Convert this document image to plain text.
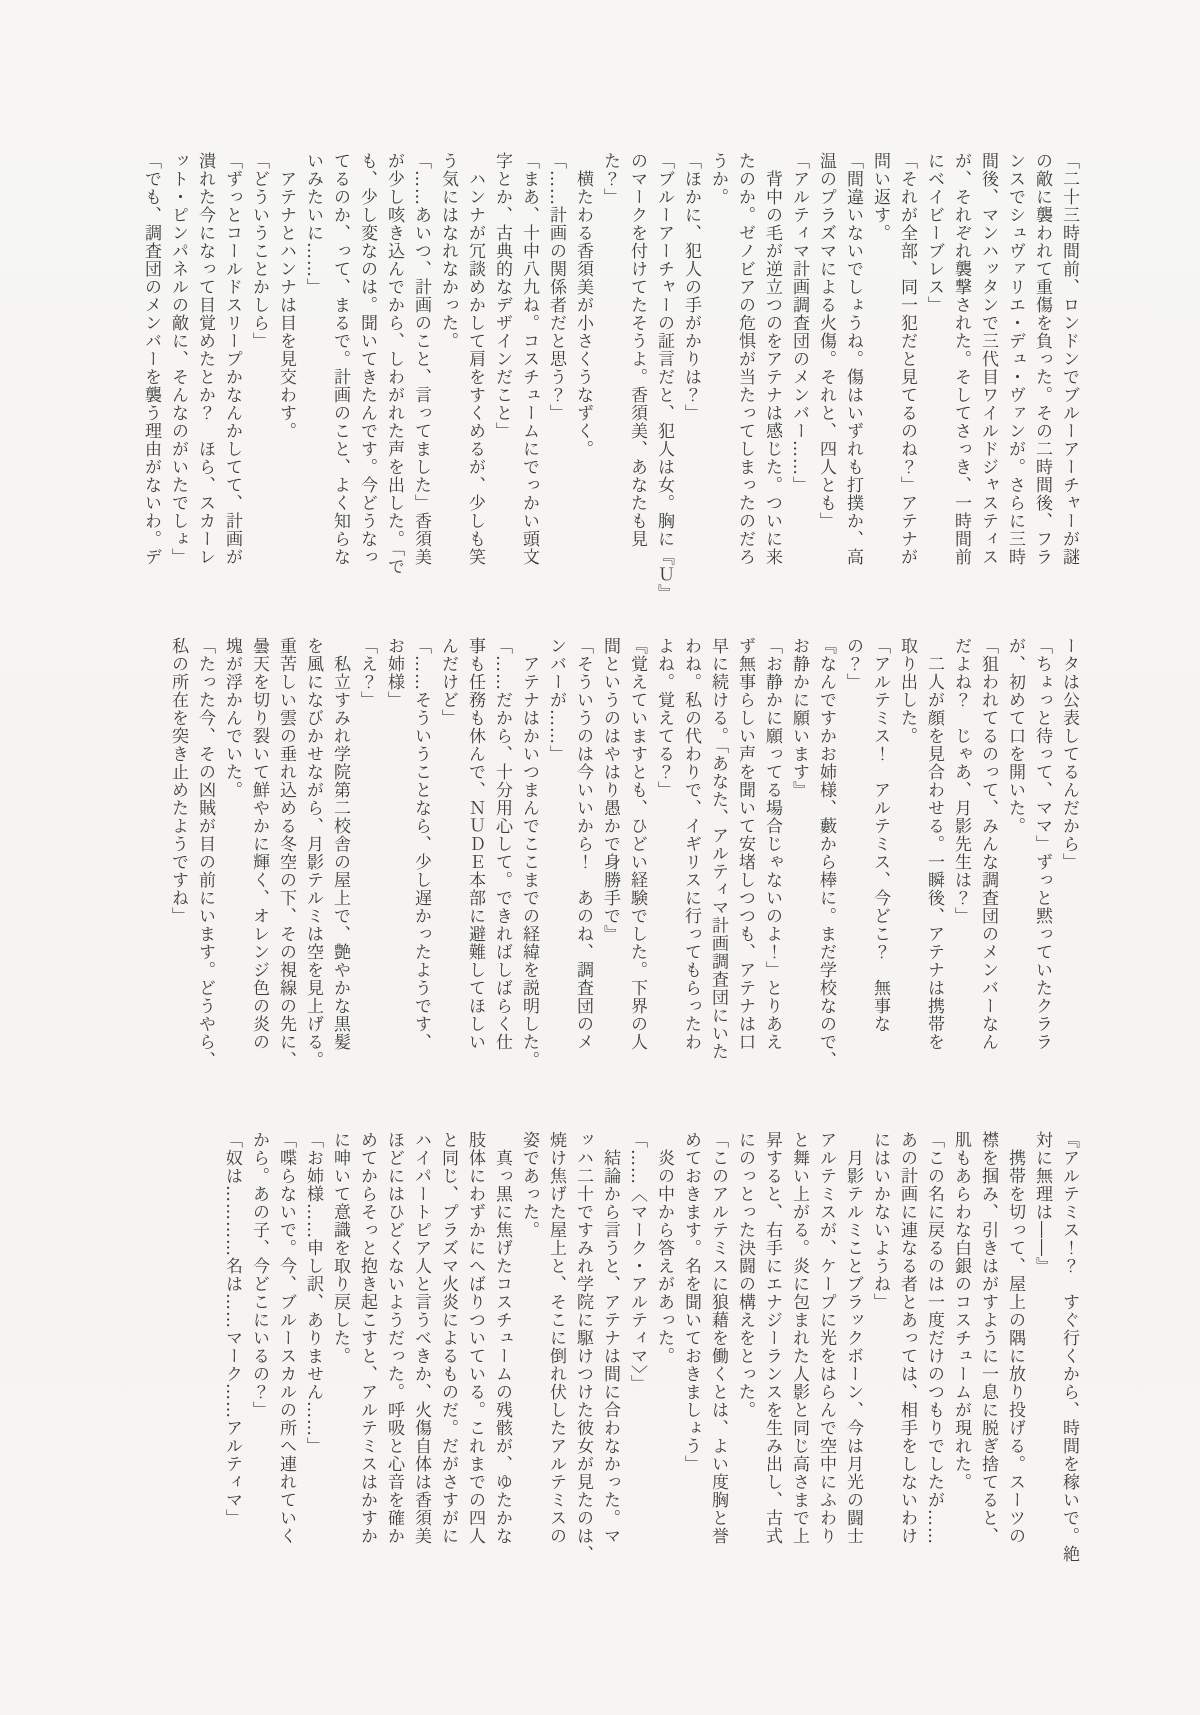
「二十三時間前、ロンドンでブルーアーチャーが謎
の敵に襲われて重傷を負った。その二時間後、フラ
ンスでシュヴァリエ・デュ・ヴァンが。さらに三時
間後、マンハッタンで三代目ワイルドジャスティス
が、それぞれ襲撃された。そしてさっき、一時間前
にベイビーブレス」
「それが全部、同一犯だと見てるのね？」アテナが
問い返す。
「間違いないでしょうね。傷はいずれも打撲か、高
温のプラズマによる火傷。それと、四人とも」
「アルティマ計画調査団のメンバー……」
　背中の毛が逆立つのをアテナは感じた。ついに来
たのか。ゼノビアの危惧が当たってしまったのだろ
うか。
「ほかに、犯人の手がかりは？」
「ブルーアーチャーの証言だと、犯人は女。胸に『Ｕ』
のマークを付けてたそうよ。香須美、あなたも見
た？」
　横たわる香須美が小さくうなずく。
「……計画の関係者だと思う？」
「まあ、十中八九ね。コスチュームにでっかい頭文
字とか、古典的なデザインだこと」
　ハンナが冗談めかして肩をすくめるが、少しも笑
う気にはなれなかった。
「……あいつ、計画のこと、言ってました」香須美
が少し咳き込んでから、しわがれた声を出した。「で
も、少し変なのは。聞いてきたんです。今どうなっ
てるのか、って、まるで。計画のこと、よく知らな
いみたいに……」
　アテナとハンナは目を見交わす。
「どういうことかしら」
「ずっとコールドスリープかなんかしてて、計画が
潰れた今になって目覚めたとか？　ほら、スカーレ
ット・ピンパネルの敵に、そんなのがいたでしょ」
「でも、調査団のメンバーを襲う理由がないわ。デ
ータは公表してるんだから」
「ちょっと待って、ママ」ずっと黙っていたクララ
が、初めて口を開いた。
「狙われてるのって、みんな調査団のメンバーなん
だよね？　じゃあ、月影先生は？」
　二人が顔を見合わせる。一瞬後、アテナは携帯を
取り出した。
「アルテミス！　アルテミス、今どこ？　無事な
の？」
『なんですかお姉様、藪から棒に。まだ学校なので、
お静かに願います』
「お静かに願ってる場合じゃないのよ！」とりあえ
ず無事らしい声を聞いて安堵しつつも、アテナは口
早に続ける。「あなた、アルティマ計画調査団にいた
わね。私の代わりで、イギリスに行ってもらったわ
よね。覚えてる？」
『覚えていますとも、ひどい経験でした。下界の人
間というのはやはり愚かで身勝手で』
「そういうのは今いいから！　あのね、調査団のメ
ンバーが……」
　アテナはかいつまんでここまでの経緯を説明した。
「……だから、十分用心して。できればしばらく仕
事も任務も休んで、ＮＵＤＥ本部に避難してほしい
んだけど」
「……そういうことなら、少し遅かったようです、
お姉様」
「え？」
　私立すみれ学院第二校舎の屋上で、艶やかな黒髪
を風になびかせながら、月影テルミは空を見上げる。
重苦しい雲の垂れ込める冬空の下、その視線の先に、
曇天を切り裂いて鮮やかに輝く、オレンジ色の炎の
塊が浮かんでいた。
「たった今、その凶賊が目の前にいます。どうやら、
私の所在を突き止めたようですね」
『アルテミス！？　すぐ行くから、時間を稼いで。絶
対に無理は――』
　携帯を切って、屋上の隅に放り投げる。スーツの
襟を掴み、引きはがすように一息に脱ぎ捨てると、
肌もあらわな白銀のコスチュームが現れた。
「この名に戻るのは一度だけのつもりでしたが……
あの計画に連なる者とあっては、相手をしないわけ
にはいかないようね」
　月影テルミことブラックボーン、今は月光の闘士
アルテミスが、ケープに光をはらんで空中にふわり
と舞い上がる。炎に包まれた人影と同じ高さまで上
昇すると、右手にエナジーランスを生み出し、古式
にのっとった決闘の構えをとった。
「このアルテミスに狼藉を働くとは、よい度胸と誉
めておきます。名を聞いておきましょう」
　炎の中から答えがあった。
「……〈マーク・アルティマ〉」
　結論から言うと、アテナは間に合わなかった。マ
ッハ二十ですみれ学院に駆けつけた彼女が見たのは、
焼け焦げた屋上と、そこに倒れ伏したアルテミスの
姿であった。
　真っ黒に焦げたコスチュームの残骸が、ゆたかな
肢体にわずかにへばりついている。これまでの四人
と同じ、プラズマ火炎によるものだ。だがさすがに
ハイパートピア人と言うべきか、火傷自体は香須美
ほどにはひどくないようだった。呼吸と心音を確か
めてからそっと抱き起こすと、アルテミスはかすか
に呻いて意識を取り戻した。
「お姉様……申し訳、ありません……」
「喋らないで。今、ブルースカルの所へ連れていく
から。あの子、今どこにいるの？」
「奴は…………名は……マーク……アルティマ」
